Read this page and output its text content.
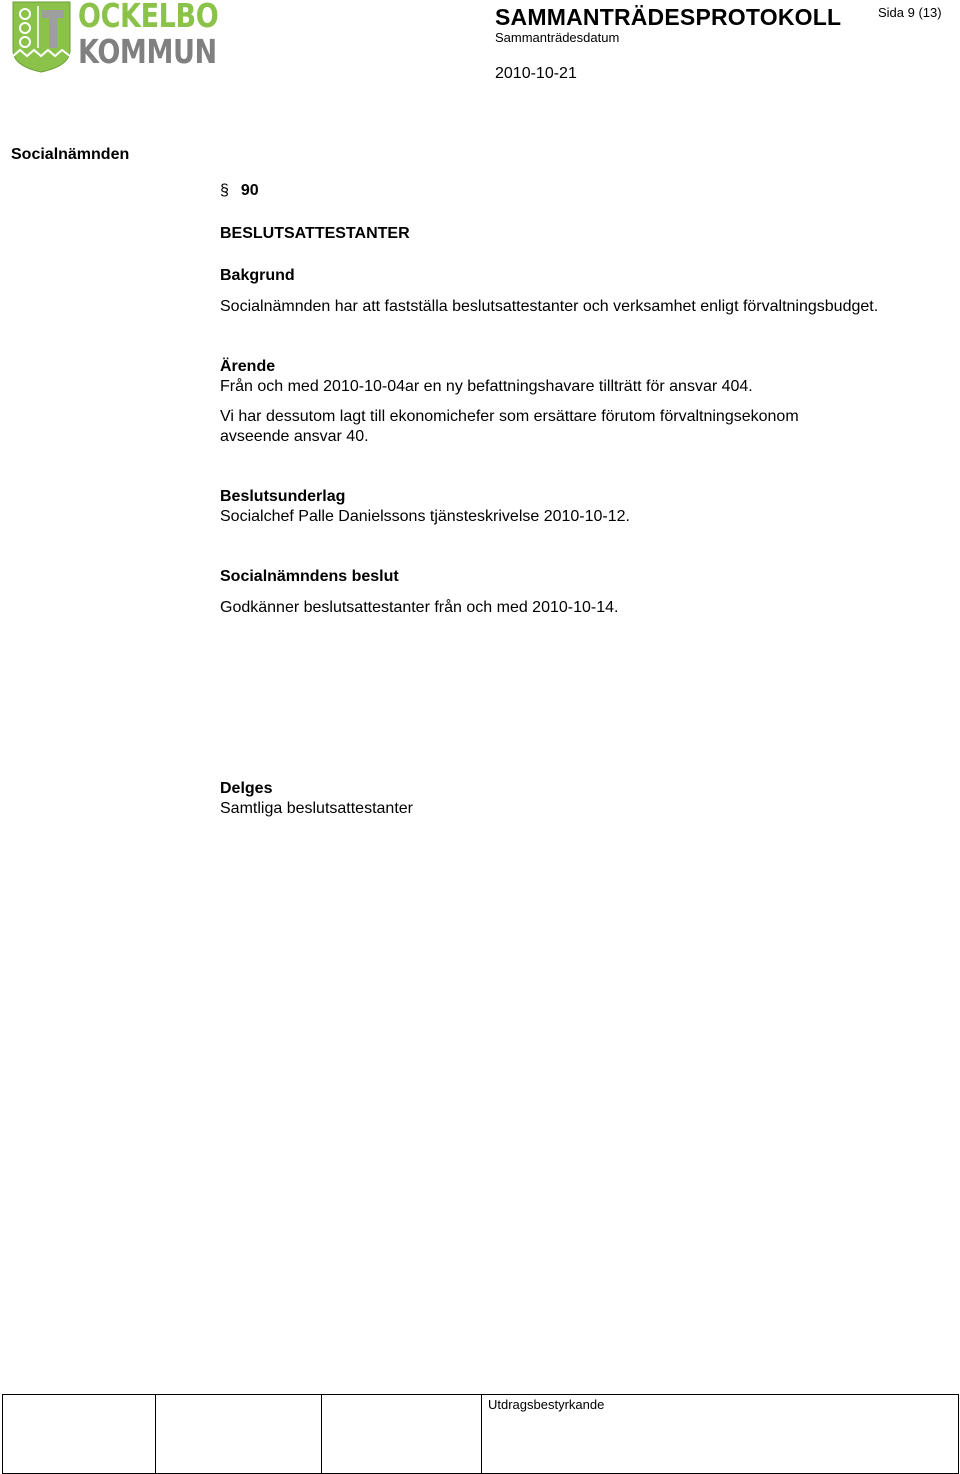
OCKELBO
KOMMUN
SAMMANTRÄDESPROTOKOLL
Sammanträdesdatum
Sida 9 (13)
2010-10-21
Socialnämnden
§ 90
BESLUTSATTESTANTER
Bakgrund
Socialnämnden har att fastställa beslutsattestanter och verksamhet enligt förvaltningsbudget.
Ärende
Från och med 2010-10-04ar en ny befattningshavare tillträtt för ansvar 404.
Vi har dessutom lagt till ekonomichefer som ersättare förutom förvaltningsekonom
avseende ansvar 40.
Beslutsunderlag
Socialchef Palle Danielssons tjänsteskrivelse 2010-10-12.
Socialnämndens beslut
Godkänner beslutsattestanter från och med 2010-10-14.
Delges
Samtliga beslutsattestanter

Utdragsbestyrkande
